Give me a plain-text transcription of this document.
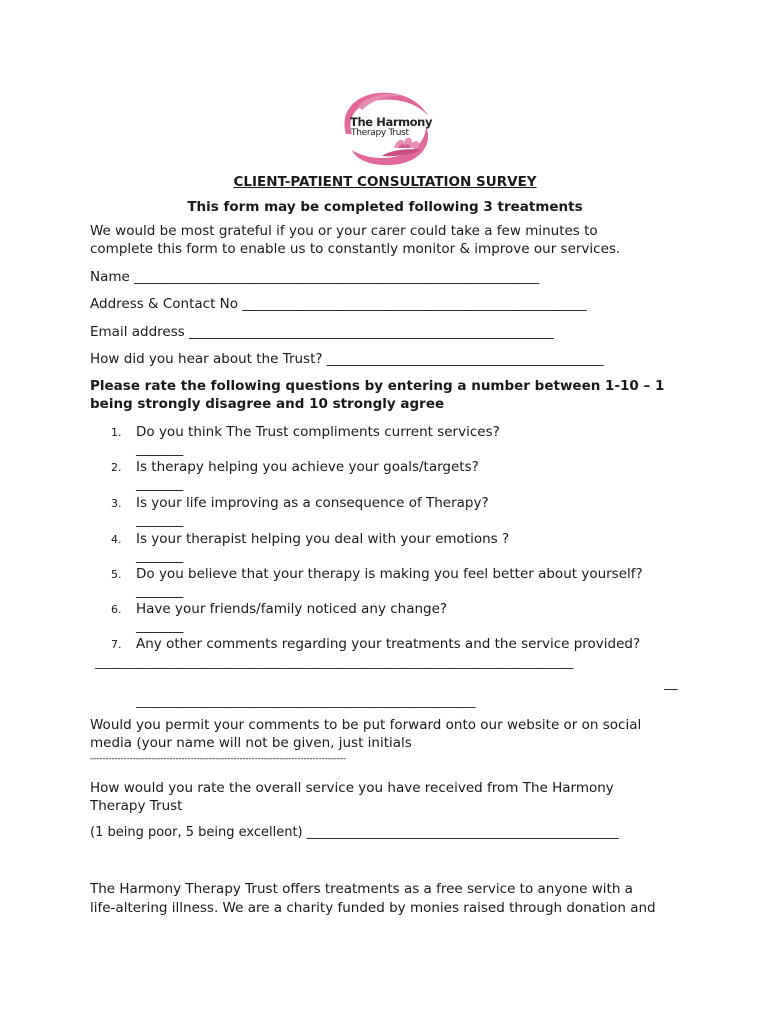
The Harmony
Therapy Trust
CLIENT-PATIENT CONSULTATION SURVEY
This form may be completed following 3 treatments
We would be most grateful if you or your carer could take a few minutes to
complete this form to enable us to constantly monitor & improve our services.
Name ____________________________________________________________
Address & Contact No ___________________________________________________
Email address ______________________________________________________
How did you hear about the Trust? _________________________________________
Please rate the following questions by entering a number between 1-10 – 1
being strongly disagree and 10 strongly agree
1. Do you think The Trust compliments current services?
_______
2. Is therapy helping you achieve your goals/targets?
_______
3. Is your life improving as a consequence of Therapy?
_______
4. Is your therapist helping you deal with your emotions ?
_______
5. Do you believe that your therapy is making you feel better about yourself?
_______
6. Have your friends/family noticed any change?
_______
7. Any other comments regarding your treatments and the service provided?
_________________________________________________________________________________
__
_________________________________________________________
Would you permit your comments to be put forward onto our website or on social
media (your name will not be given, just initials
------------------------------------------------------------------------------------
How would you rate the overall service you have received from The Harmony
Therapy Trust
(1 being poor, 5 being excellent) ________________________________________________
The Harmony Therapy Trust offers treatments as a free service to anyone with a
life-altering illness. We are a charity funded by monies raised through donation and
